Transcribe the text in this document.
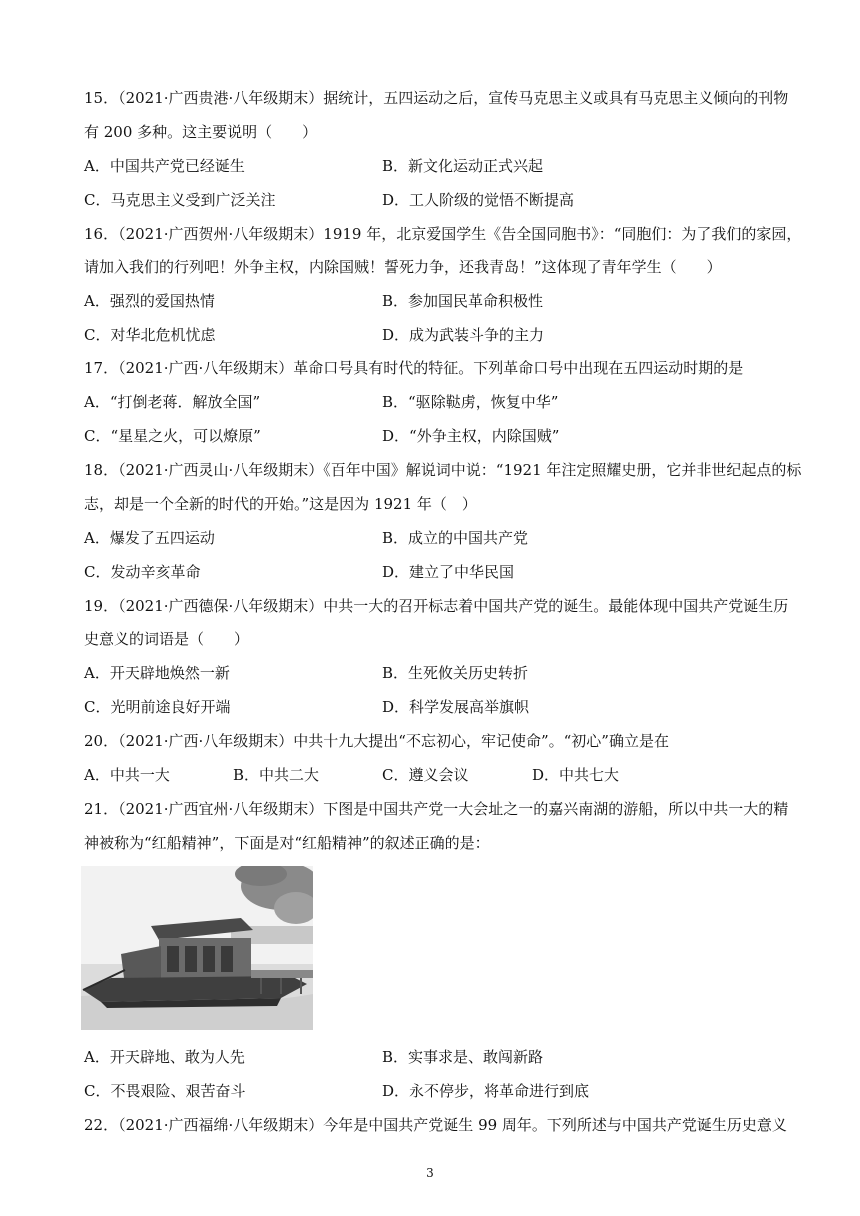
15．（2021·广西贵港·八年级期末）据统计，五四运动之后，宣传马克思主义或具有马克思主义倾向的刊物
有 200 多种。这主要说明（　　）
A．中国共产党已经诞生	B．新文化运动正式兴起
C．马克思主义受到广泛关注	D．工人阶级的觉悟不断提高
16．（2021·广西贺州·八年级期末）1919 年，北京爱国学生《告全国同胞书》：“同胞们：为了我们的家园，
请加入我们的行列吧！外争主权，内除国贼！誓死力争，还我青岛！”这体现了青年学生（　　）
A．强烈的爱国热情	B．参加国民革命积极性
C．对华北危机忧虑	D．成为武装斗争的主力
17．（2021·广西·八年级期末）革命口号具有时代的特征。下列革命口号中出现在五四运动时期的是
A．“打倒老蒋．解放全国”	B．“驱除鞑虏，恢复中华”
C．“星星之火，可以燎原”	D．“外争主权，内除国贼”
18．（2021·广西灵山·八年级期末）《百年中国》解说词中说：“1921 年注定照耀史册，它并非世纪起点的标
志，却是一个全新的时代的开始。”这是因为 1921 年（　）
A．爆发了五四运动	B．成立的中国共产党
C．发动辛亥革命	D．建立了中华民国
19．（2021·广西德保·八年级期末）中共一大的召开标志着中国共产党的诞生。最能体现中国共产党诞生历
史意义的词语是（　　）
A．开天辟地焕然一新	B．生死攸关历史转折
C．光明前途良好开端	D．科学发展高举旗帜
20．（2021·广西·八年级期末）中共十九大提出“不忘初心，牢记使命”。“初心”确立是在
A．中共一大	B．中共二大	C．遵义会议	D．中共七大
21．（2021·广西宜州·八年级期末）下图是中国共产党一大会址之一的嘉兴南湖的游船，所以中共一大的精
神被称为“红船精神”，下面是对“红船精神”的叙述正确的是：
A．开天辟地、敢为人先	B．实事求是、敢闯新路
C．不畏艰险、艰苦奋斗	D．永不停步，将革命进行到底
22．（2021·广西福绵·八年级期末）今年是中国共产党诞生 99 周年。下列所述与中国共产党诞生历史意义
3
